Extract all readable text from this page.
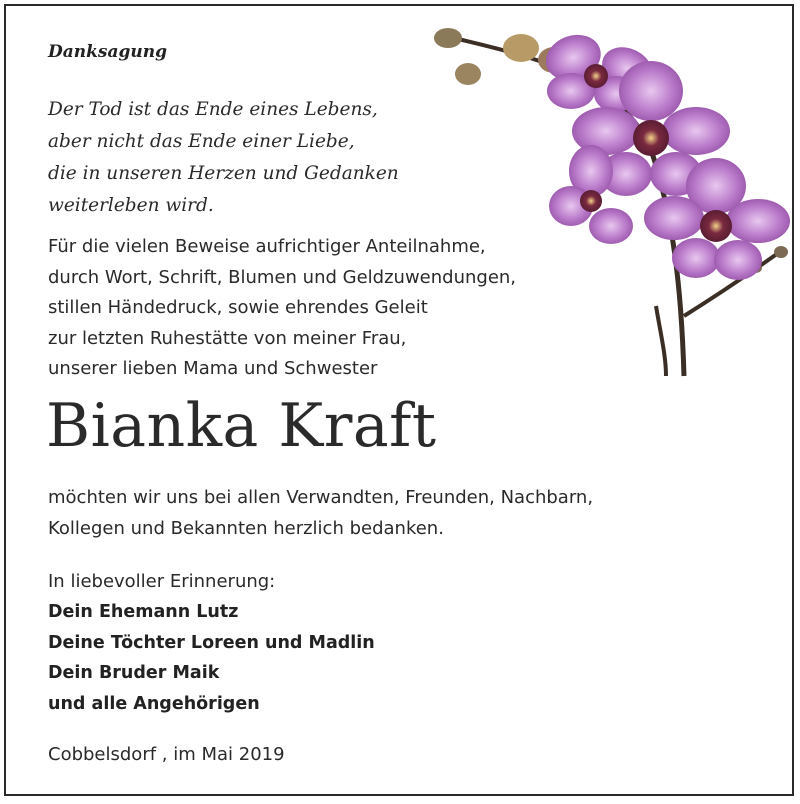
Danksagung
Der Tod ist das Ende eines Lebens,
aber nicht das Ende einer Liebe,
die in unseren Herzen und Gedanken
weiterleben wird.
Für die vielen Beweise aufrichtiger Anteilnahme,
durch Wort, Schrift, Blumen und Geldzuwendungen,
stillen Händedruck, sowie ehrendes Geleit
zur letzten Ruhestätte von meiner Frau,
unserer lieben Mama und Schwester
Bianka Kraft
möchten wir uns bei allen Verwandten, Freunden, Nachbarn,
Kollegen und Bekannten herzlich bedanken.
In liebevoller Erinnerung:
Dein Ehemann Lutz
Deine Töchter Loreen und Madlin
Dein Bruder Maik
und alle Angehörigen
Cobbelsdorf , im Mai 2019
